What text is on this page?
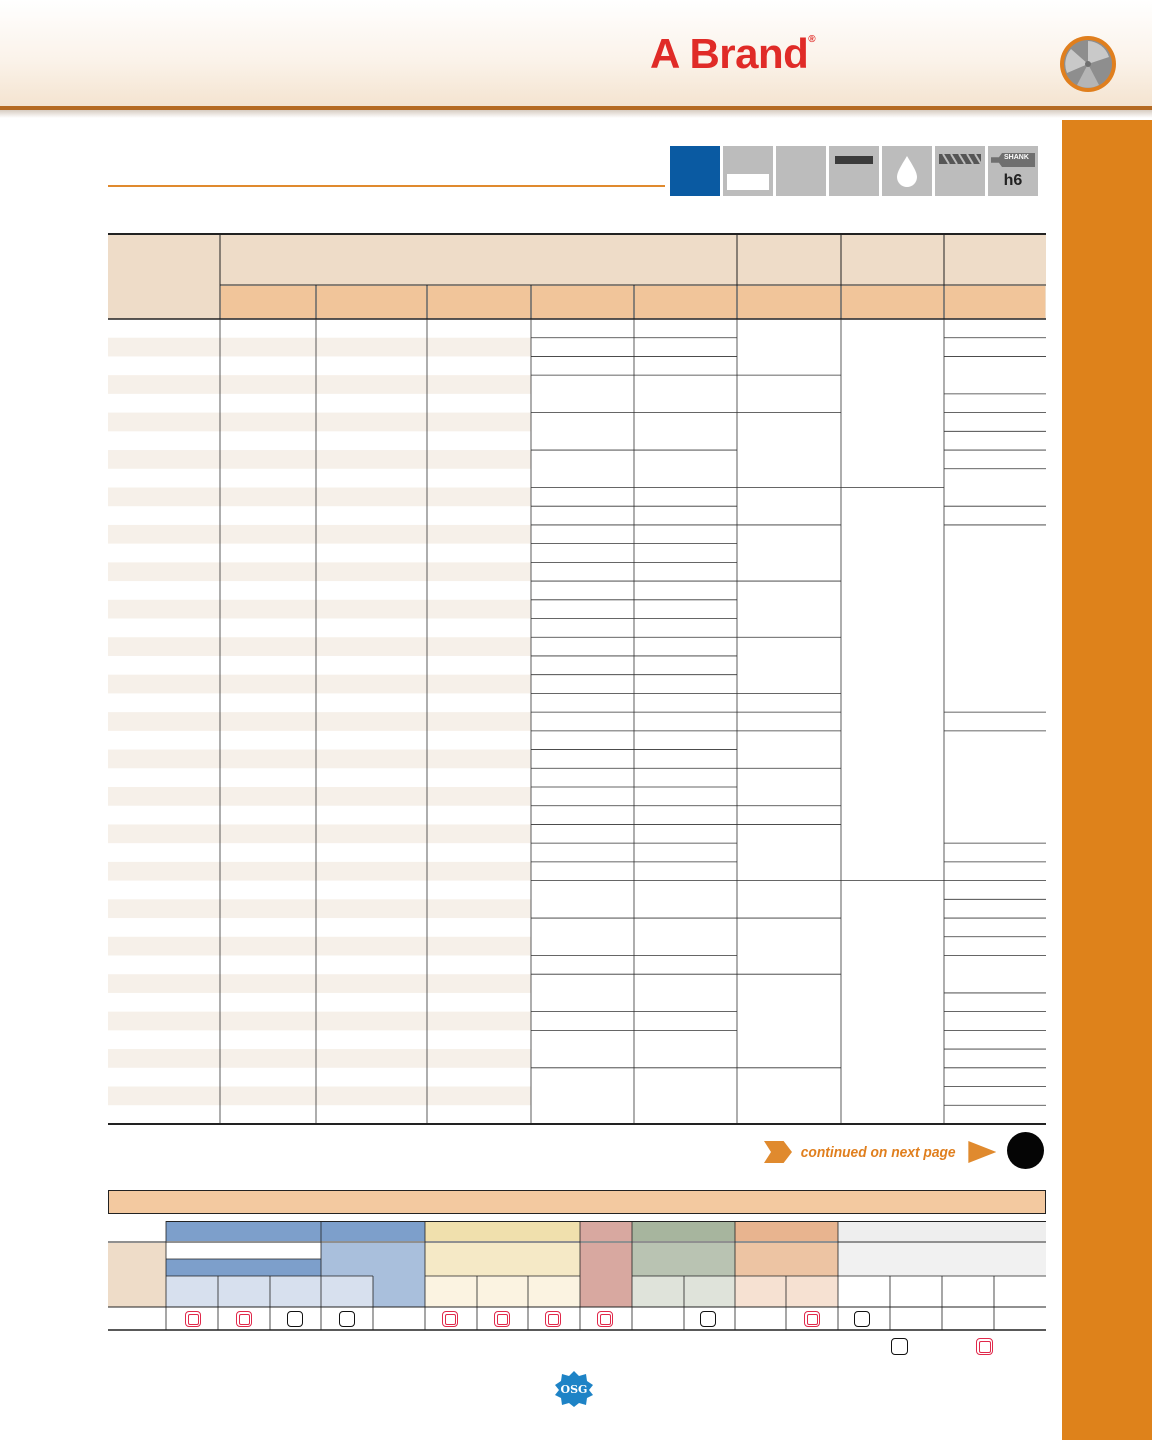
A Brand®
SHANK
h6
continued on next page
OSG
